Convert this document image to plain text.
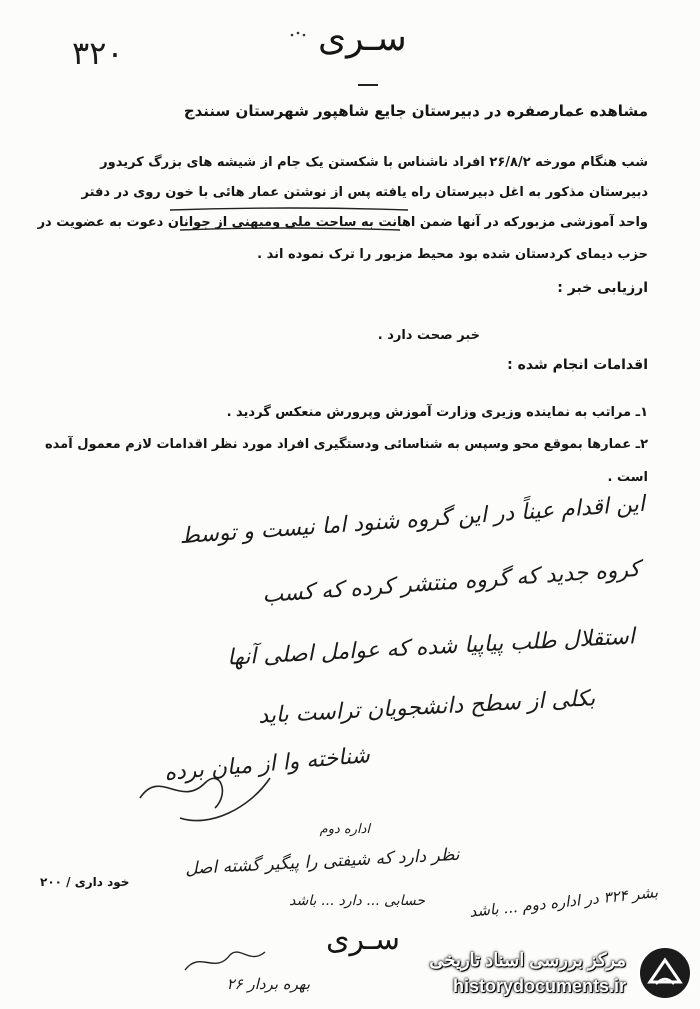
سـری
۳۲۰
مشاهده عمارصفره در دبیرستان جایع شاهپور شهرستان سنندج
شب هنگام مورخه ۲۶/۸/۲ افراد ناشناس با شکستن یک جام از شیشه های بزرگ کریدور
دبیرستان مذکور به اغل دبیرستان راه یافته پس از نوشتن عمار هائی با خون روی در دفتر
واحد آموزشی مزبورکه در آنها ضمن اهانت به ساحت ملی ومیهنی از جوانان دعوت به عضویت در
حزب دیمای کردستان شده بود محیط مزبور را ترک نموده اند .
ارزیابی خبر :
خبر صحت دارد .
اقدامات انجام شده :
۱ـ مراتب به نماینده وزیری وزارت آموزش وپرورش منعکس گردید .
۲ـ عمارها بموقع محو وسپس به شناسائی ودستگیری افراد مورد نظر اقدامات لازم معمول آمده
است .
این اقدام عیناً در این گروه شنود اما نیست و توسط
کروه جدید که گروه منتشر کرده که کسب
استقلال طلب پیاپیا شده که عوامل اصلی آنها
بکلی از سطح دانشجویان تراست باید
شناخته وا از میان برده
اداره دوم
نظر دارد که شیفتی را پیگیر گشته اصل
حسابی ... دارد ... باشد
سـری
بهره بردار ۲۶
بشر ۳۲۴ در اداره دوم ... باشد
خود داری / ۲۰۰
مرکز بررسی اسناد تاریخی
historydocuments.ir
